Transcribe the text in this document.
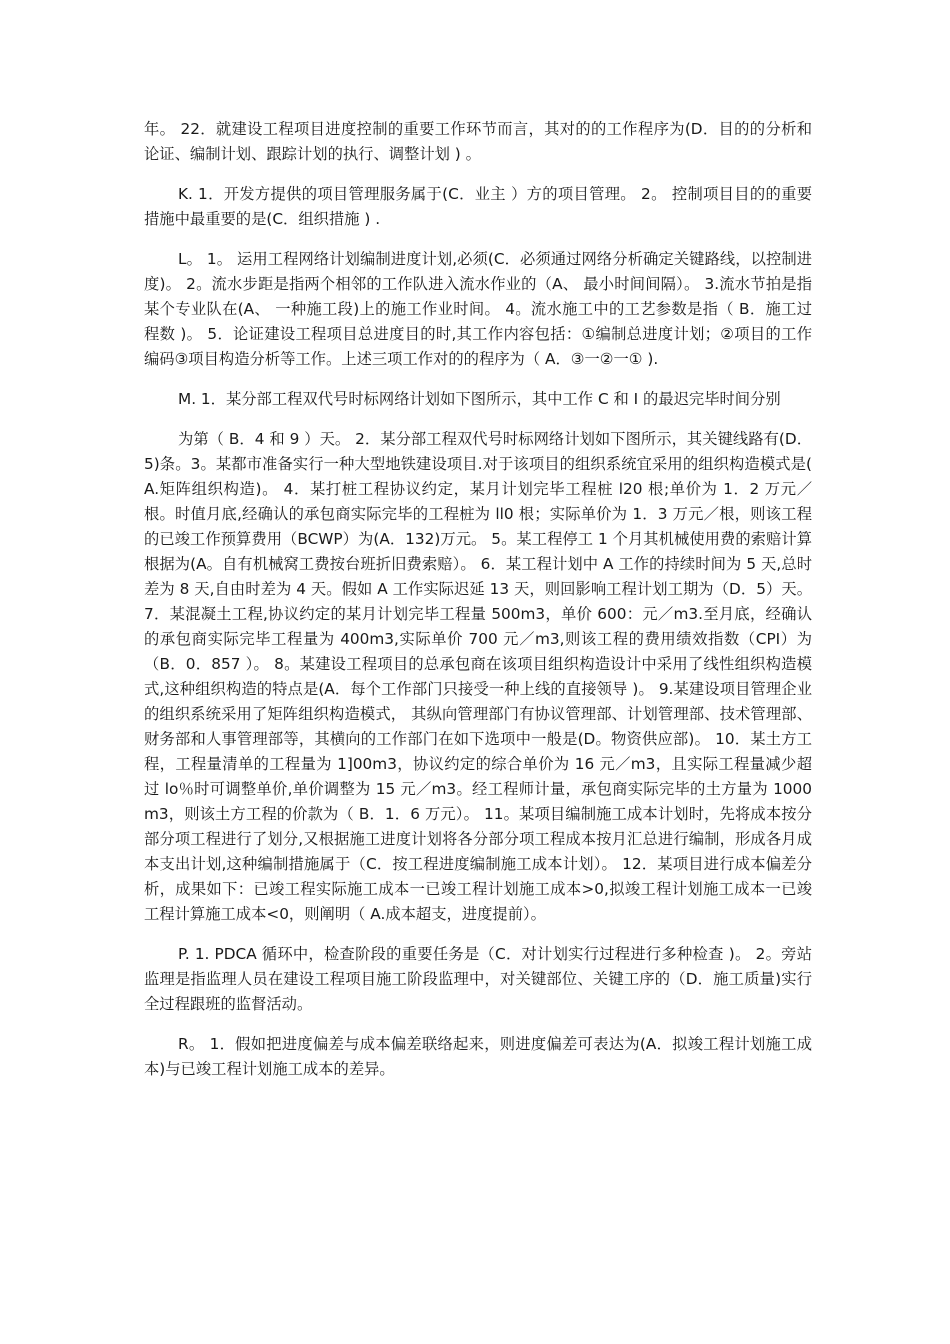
年。 22．就建设工程项目进度控制的重要工作环节而言，其对的的工作程序为(D．目的的分析和论证、编制计划、跟踪计划的执行、调整计划 ) 。

K. 1．开发方提供的项目管理服务属于(C．业主 ）方的项目管理。 2。 控制项目目的的重要措施中最重要的是(C．组织措施 ) .

L。 1。 运用工程网络计划编制进度计划,必须(C．必须通过网络分析确定关键路线，以控制进度)。 2。流水步距是指两个相邻的工作队进入流水作业的（A、 最小时间间隔）。 3.流水节拍是指某个专业队在(A、 一种施工段)上的施工作业时间。 4。流水施工中的工艺参数是指（ B．施工过程数 )。 5．论证建设工程项目总进度目的时,其工作内容包括：①编制总进度计划；②项目的工作编码③项目构造分析等工作。上述三项工作对的的程序为（ A．③一②一① ).

M. 1．某分部工程双代号时标网络计划如下图所示，其中工作 C 和 I 的最迟完毕时间分别

为第（ B．4 和 9 ）天。 2．某分部工程双代号时标网络计划如下图所示，其关键线路有(D． 5)条。3。某都市准备实行一种大型地铁建设项目.对于该项目的组织系统宜采用的组织构造模式是( A.矩阵组织构造)。 4．某打桩工程协议约定，某月计划完毕工程桩 l20 根;单价为 1．2 万元／根。时值月底,经确认的承包商实际完毕的工程桩为 ll0 根；实际单价为 1．3 万元／根，则该工程的已竣工作预算费用（BCWP）为(A．132)万元。 5。某工程停工 1 个月其机械使用费的索赔计算根据为(A。自有机械窝工费按台班折旧费索赔）。 6．某工程计划中 A 工作的持续时间为 5 天,总时差为 8 天,自由时差为 4 天。假如 A 工作实际迟延 13 天，则回影响工程计划工期为（D．5）天。 7．某混凝土工程,协议约定的某月计划完毕工程量 500m3，单价 600：元／m3.至月底，经确认的承包商实际完毕工程量为 400m3,实际单价 700 元／m3,则该工程的费用绩效指数（CPI）为（B．0．857 ）。 8。某建设工程项目的总承包商在该项目组织构造设计中采用了线性组织构造模式,这种组织构造的特点是(A．每个工作部门只接受一种上线的直接领导 )。 9.某建设项目管理企业的组织系统采用了矩阵组织构造模式， 其纵向管理部门有协议管理部、计划管理部、技术管理部、财务部和人事管理部等，其横向的工作部门在如下选项中一般是(D。物资供应部)。 10．某土方工程，工程量清单的工程量为 1]00m3，协议约定的综合单价为 16 元／m3，且实际工程量减少超过 lo％时可调整单价,单价调整为 15 元／m3。经工程师计量，承包商实际完毕的土方量为 1000m3，则该土方工程的价款为（ B．1．6 万元）。 11。某项目编制施工成本计划时，先将成本按分部分项工程进行了划分,又根据施工进度计划将各分部分项工程成本按月汇总进行编制，形成各月成本支出计划,这种编制措施属于（C．按工程进度编制施工成本计划）。 12．某项目进行成本偏差分析，成果如下：已竣工程实际施工成本一已竣工程计划施工成本>0,拟竣工程计划施工成本一已竣工程计算施工成本<0，则阐明（ A.成本超支，进度提前）。

P. 1. PDCA 循环中，检查阶段的重要任务是（C．对计划实行过程进行多种检查 )。 2。旁站监理是指监理人员在建设工程项目施工阶段监理中，对关键部位、关键工序的（D．施工质量)实行全过程跟班的监督活动。

R。 1．假如把进度偏差与成本偏差联络起来，则进度偏差可表达为(A．拟竣工程计划施工成本)与已竣工程计划施工成本的差异。
